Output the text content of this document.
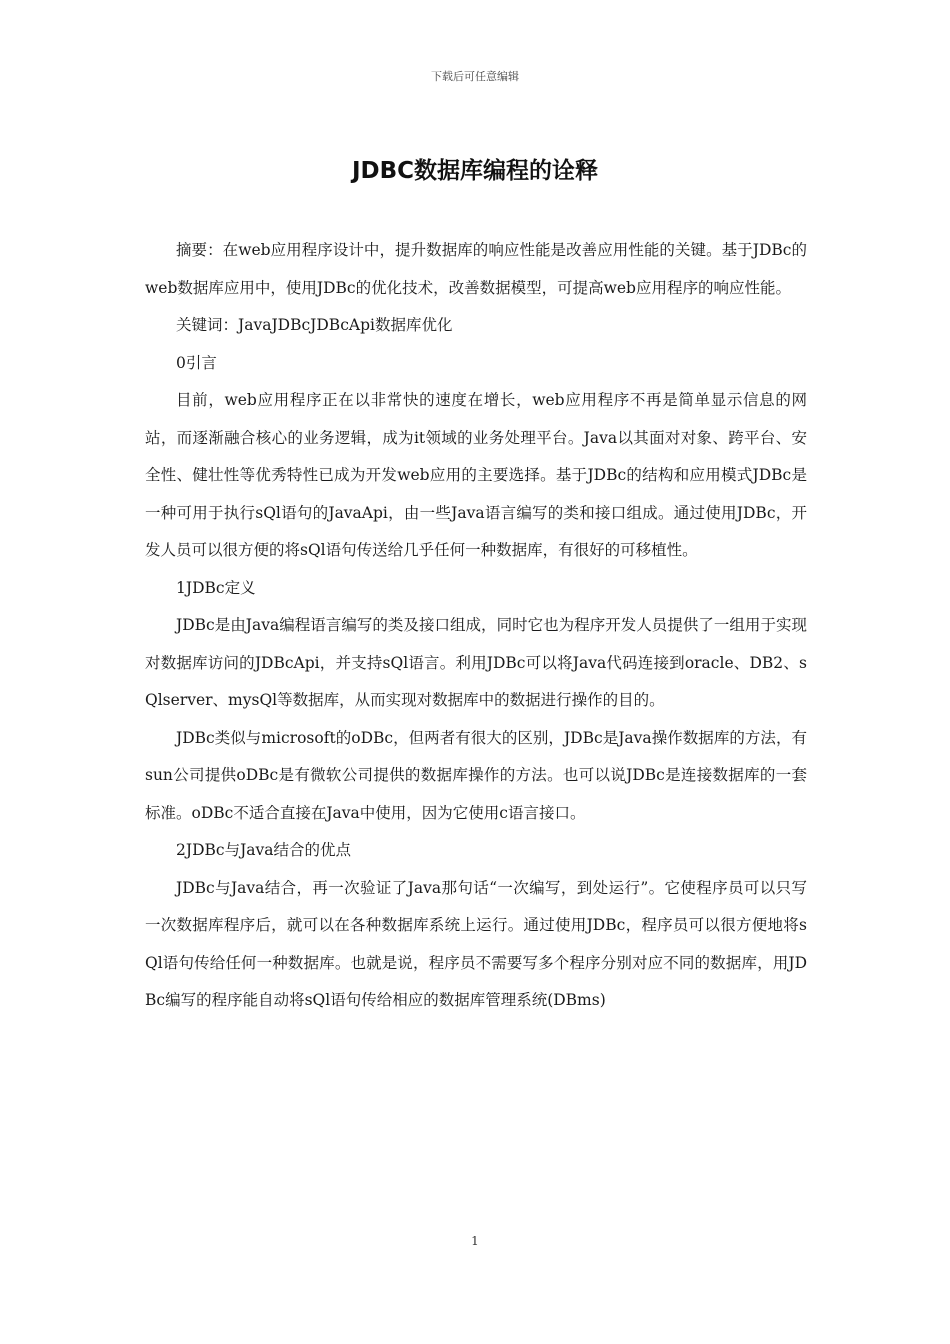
下载后可任意编辑
JDBC数据库编程的诠释

摘要：在web应用程序设计中，提升数据库的响应性能是改善应用性能的关键。基于JDBc的web数据库应用中，使用JDBc的优化技术，改善数据模型，可提高web应用程序的响应性能。

关键词：JavaJDBcJDBcApi数据库优化

0引言

目前，web应用程序正在以非常快的速度在增长，web应用程序不再是简单显示信息的网站，而逐渐融合核心的业务逻辑，成为it领域的业务处理平台。Java以其面对对象、跨平台、安全性、健壮性等优秀特性已成为开发web应用的主要选择。基于JDBc的结构和应用模式JDBc是一种可用于执行sQl语句的JavaApi，由一些Java语言编写的类和接口组成。通过使用JDBc，开发人员可以很方便的将sQl语句传送给几乎任何一种数据库，有很好的可移植性。

1JDBc定义

JDBc是由Java编程语言编写的类及接口组成，同时它也为程序开发人员提供了一组用于实现对数据库访问的JDBcApi，并支持sQl语言。利用JDBc可以将Java代码连接到oracle、DB2、sQlserver、mysQl等数据库，从而实现对数据库中的数据进行操作的目的。

JDBc类似与microsoft的oDBc，但两者有很大的区别，JDBc是Java操作数据库的方法，有sun公司提供oDBc是有微软公司提供的数据库操作的方法。也可以说JDBc是连接数据库的一套标准。oDBc不适合直接在Java中使用，因为它使用c语言接口。

2JDBc与Java结合的优点

JDBc与Java结合，再一次验证了Java那句话“一次编写，到处运行”。它使程序员可以只写一次数据库程序后，就可以在各种数据库系统上运行。通过使用JDBc，程序员可以很方便地将sQl语句传给任何一种数据库。也就是说，程序员不需要写多个程序分别对应不同的数据库，用JDBc编写的程序能自动将sQl语句传给相应的数据库管理系统(DBms)

1
